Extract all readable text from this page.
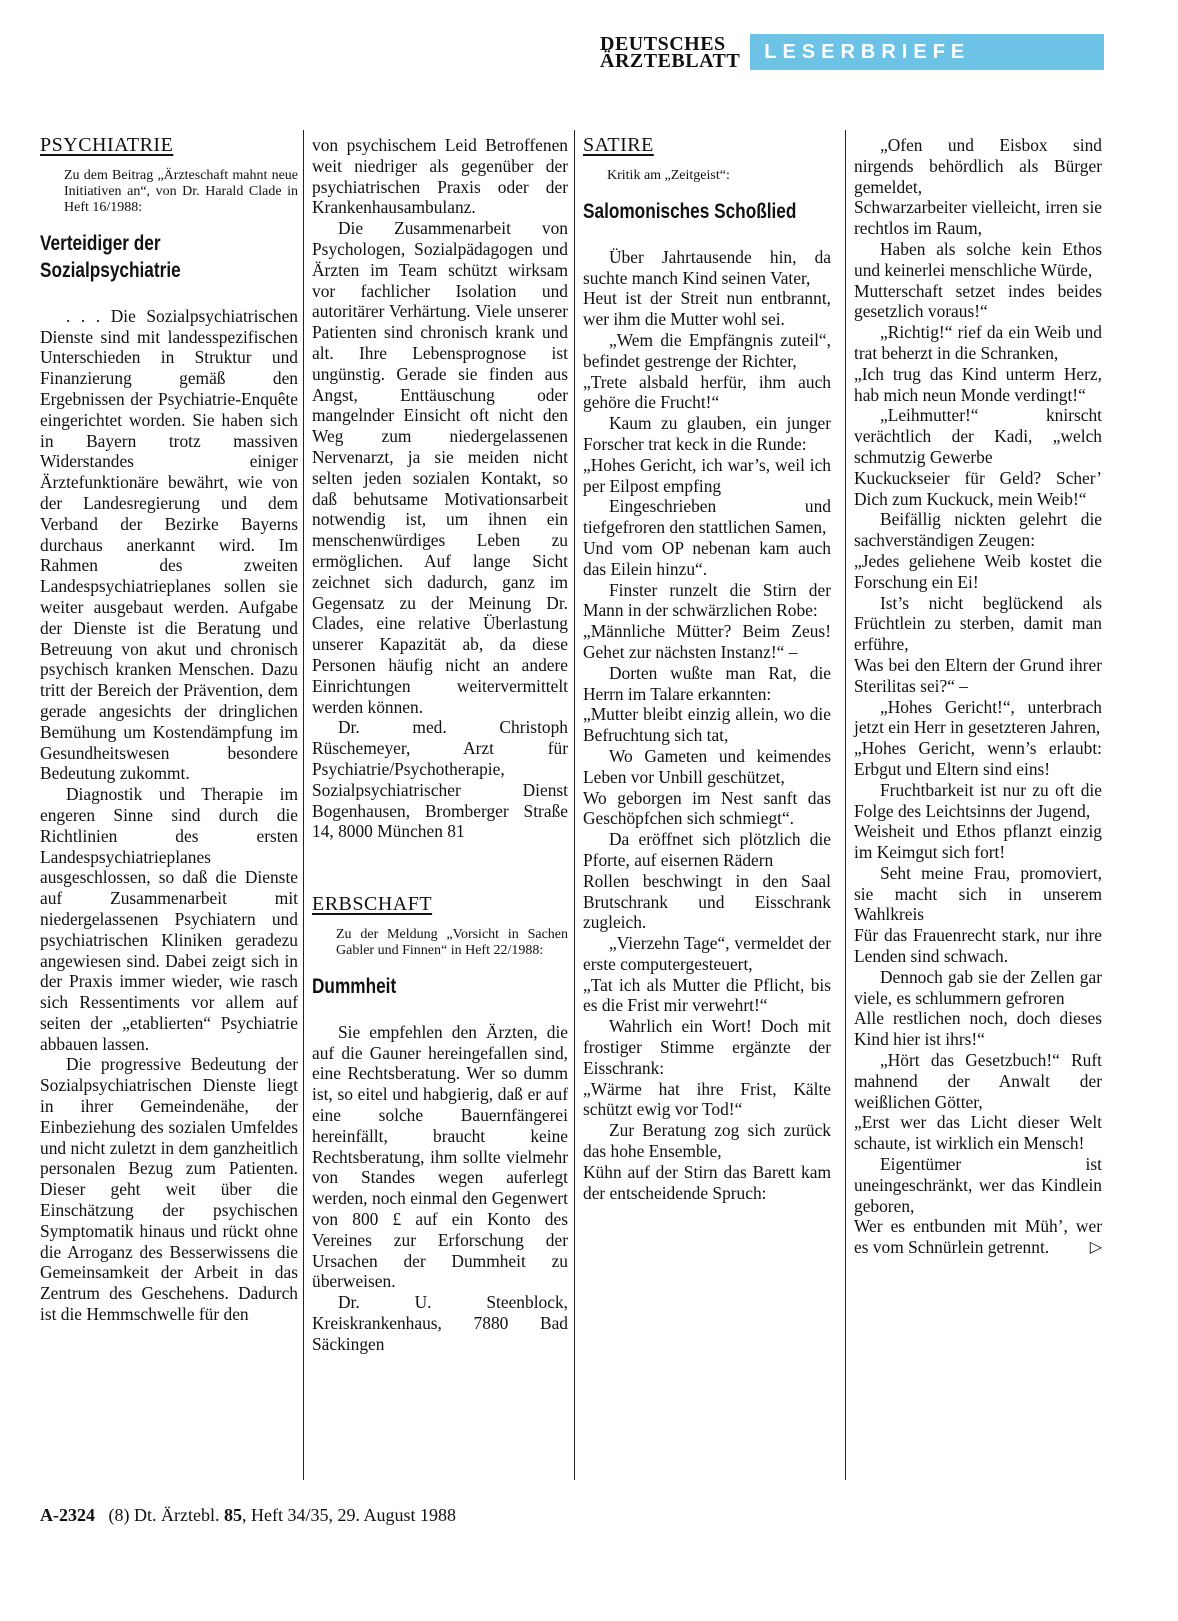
DEUTSCHES
ÄRZTEBLATT	LESERBRIEFE
PSYCHIATRIE
Zu dem Beitrag „Ärzteschaft mahnt neue Initiativen an“, von Dr. Harald Clade in Heft 16/1988:
Verteidiger der Sozialpsychiatrie

. . . Die Sozialpsychiatrischen Dienste sind mit landesspezifischen Unterschieden in Struktur und Finanzierung gemäß den Ergebnissen der Psychiatrie-Enquête eingerichtet worden. Sie haben sich in Bayern trotz massiven Widerstandes einiger Ärztefunktionäre bewährt, wie von der Landesregierung und dem Verband der Bezirke Bayerns durchaus anerkannt wird. Im Rahmen des zweiten Landespsychiatrieplanes sollen sie weiter ausgebaut werden. Aufgabe der Dienste ist die Beratung und Betreuung von akut und chronisch psychisch kranken Menschen. Dazu tritt der Bereich der Prävention, dem gerade angesichts der dringlichen Bemühung um Kostendämpfung im Gesundheitswesen besondere Bedeutung zukommt.

Diagnostik und Therapie im engeren Sinne sind durch die Richtlinien des ersten Landespsychiatrieplanes ausgeschlossen, so daß die Dienste auf Zusammenarbeit mit niedergelassenen Psychiatern und psychiatrischen Kliniken geradezu angewiesen sind. Dabei zeigt sich in der Praxis immer wieder, wie rasch sich Ressentiments vor allem auf seiten der „etablierten“ Psychiatrie abbauen lassen.

Die progressive Bedeutung der Sozialpsychiatrischen Dienste liegt in ihrer Gemeindenähe, der Einbeziehung des sozialen Umfeldes und nicht zuletzt in dem ganzheitlich personalen Bezug zum Patienten. Dieser geht weit über die Einschätzung der psychischen Symptomatik hinaus und rückt ohne die Arroganz des Besserwissens die Gemeinsamkeit der Arbeit in das Zentrum des Geschehens. Dadurch ist die Hemmschwelle für den

von psychischem Leid Betroffenen weit niedriger als gegenüber der psychiatrischen Praxis oder der Krankenhausambulanz.

Die Zusammenarbeit von Psychologen, Sozialpädagogen und Ärzten im Team schützt wirksam vor fachlicher Isolation und autoritärer Verhärtung. Viele unserer Patienten sind chronisch krank und alt. Ihre Lebensprognose ist ungünstig. Gerade sie finden aus Angst, Enttäuschung oder mangelnder Einsicht oft nicht den Weg zum niedergelassenen Nervenarzt, ja sie meiden nicht selten jeden sozialen Kontakt, so daß behutsame Motivationsarbeit notwendig ist, um ihnen ein menschenwürdiges Leben zu ermöglichen. Auf lange Sicht zeichnet sich dadurch, ganz im Gegensatz zu der Meinung Dr. Clades, eine relative Überlastung unserer Kapazität ab, da diese Personen häufig nicht an andere Einrichtungen weitervermittelt werden können.

Dr. med. Christoph Rüschemeyer, Arzt für Psychiatrie/Psychotherapie, Sozialpsychiatrischer Dienst Bogenhausen, Bromberger Straße 14, 8000 München 81

ERBSCHAFT
Zu der Meldung „Vorsicht in Sachen Gabler und Finnen“ in Heft 22/1988:
Dummheit

Sie empfehlen den Ärzten, die auf die Gauner hereingefallen sind, eine Rechtsberatung. Wer so dumm ist, so eitel und habgierig, daß er auf eine solche Bauernfängerei hereinfällt, braucht keine Rechtsberatung, ihm sollte vielmehr von Standes wegen auferlegt werden, noch einmal den Gegenwert von 800 £ auf ein Konto des Vereines zur Erforschung der Ursachen der Dummheit zu überweisen.

Dr. U. Steenblock, Kreiskrankenhaus, 7880 Bad Säckingen

SATIRE
Kritik am „Zeitgeist“:
Salomonisches Schoßlied

Über Jahrtausende hin, da suchte manch Kind seinen Vater,

Heut ist der Streit nun entbrannt, wer ihm die Mutter wohl sei.

„Wem die Empfängnis zuteil“, befindet gestrenge der Richter,

„Trete alsbald herfür, ihm auch gehöre die Frucht!“

Kaum zu glauben, ein junger Forscher trat keck in die Runde:

„Hohes Gericht, ich war’s, weil ich per Eilpost empfing

Eingeschrieben und tiefgefroren den stattlichen Samen,

Und vom OP nebenan kam auch das Eilein hinzu“.

Finster runzelt die Stirn der Mann in der schwärzlichen Robe:

„Männliche Mütter? Beim Zeus! Gehet zur nächsten Instanz!“ –

Dorten wußte man Rat, die Herrn im Talare erkannten:

„Mutter bleibt einzig allein, wo die Befruchtung sich tat,

Wo Gameten und keimendes Leben vor Unbill geschützet,

Wo geborgen im Nest sanft das Geschöpfchen sich schmiegt“.

Da eröffnet sich plötzlich die Pforte, auf eisernen Rädern

Rollen beschwingt in den Saal Brutschrank und Eisschrank zugleich.

„Vierzehn Tage“, vermeldet der erste computergesteuert,

„Tat ich als Mutter die Pflicht, bis es die Frist mir verwehrt!“

Wahrlich ein Wort! Doch mit frostiger Stimme ergänzte der Eisschrank:

„Wärme hat ihre Frist, Kälte schützt ewig vor Tod!“

Zur Beratung zog sich zurück das hohe Ensemble,

Kühn auf der Stirn das Barett kam der entscheidende Spruch:

„Ofen und Eisbox sind nirgends behördlich als Bürger gemeldet,

Schwarzarbeiter vielleicht, irren sie rechtlos im Raum,

Haben als solche kein Ethos und keinerlei menschliche Würde,

Mutterschaft setzet indes beides gesetzlich voraus!“

„Richtig!“ rief da ein Weib und trat beherzt in die Schranken,

„Ich trug das Kind unterm Herz, hab mich neun Monde verdingt!“

„Leihmutter!“ knirscht verächtlich der Kadi, „welch schmutzig Gewerbe

Kuckuckseier für Geld? Scher’ Dich zum Kuckuck, mein Weib!“

Beifällig nickten gelehrt die sachverständigen Zeugen:

„Jedes geliehene Weib kostet die Forschung ein Ei!

Ist’s nicht beglückend als Früchtlein zu sterben, damit man erführe,

Was bei den Eltern der Grund ihrer Sterilitas sei?“ –

„Hohes Gericht!“, unterbrach jetzt ein Herr in gesetzteren Jahren,

„Hohes Gericht, wenn’s erlaubt: Erbgut und Eltern sind eins!

Fruchtbarkeit ist nur zu oft die Folge des Leichtsinns der Jugend,

Weisheit und Ethos pflanzt einzig im Keimgut sich fort!

Seht meine Frau, promoviert, sie macht sich in unserem Wahlkreis

Für das Frauenrecht stark, nur ihre Lenden sind schwach.

Dennoch gab sie der Zellen gar viele, es schlummern gefroren

Alle restlichen noch, doch dieses Kind hier ist ihrs!“

„Hört das Gesetzbuch!“ Ruft mahnend der Anwalt der weißlichen Götter,

„Erst wer das Licht dieser Welt schaute, ist wirklich ein Mensch!

Eigentümer ist uneingeschränkt, wer das Kindlein geboren,

Wer es entbunden mit Müh’, wer es vom Schnürlein getrennt.	▷

A-2324 (8) Dt. Ärztebl. 85, Heft 34/35, 29. August 1988
